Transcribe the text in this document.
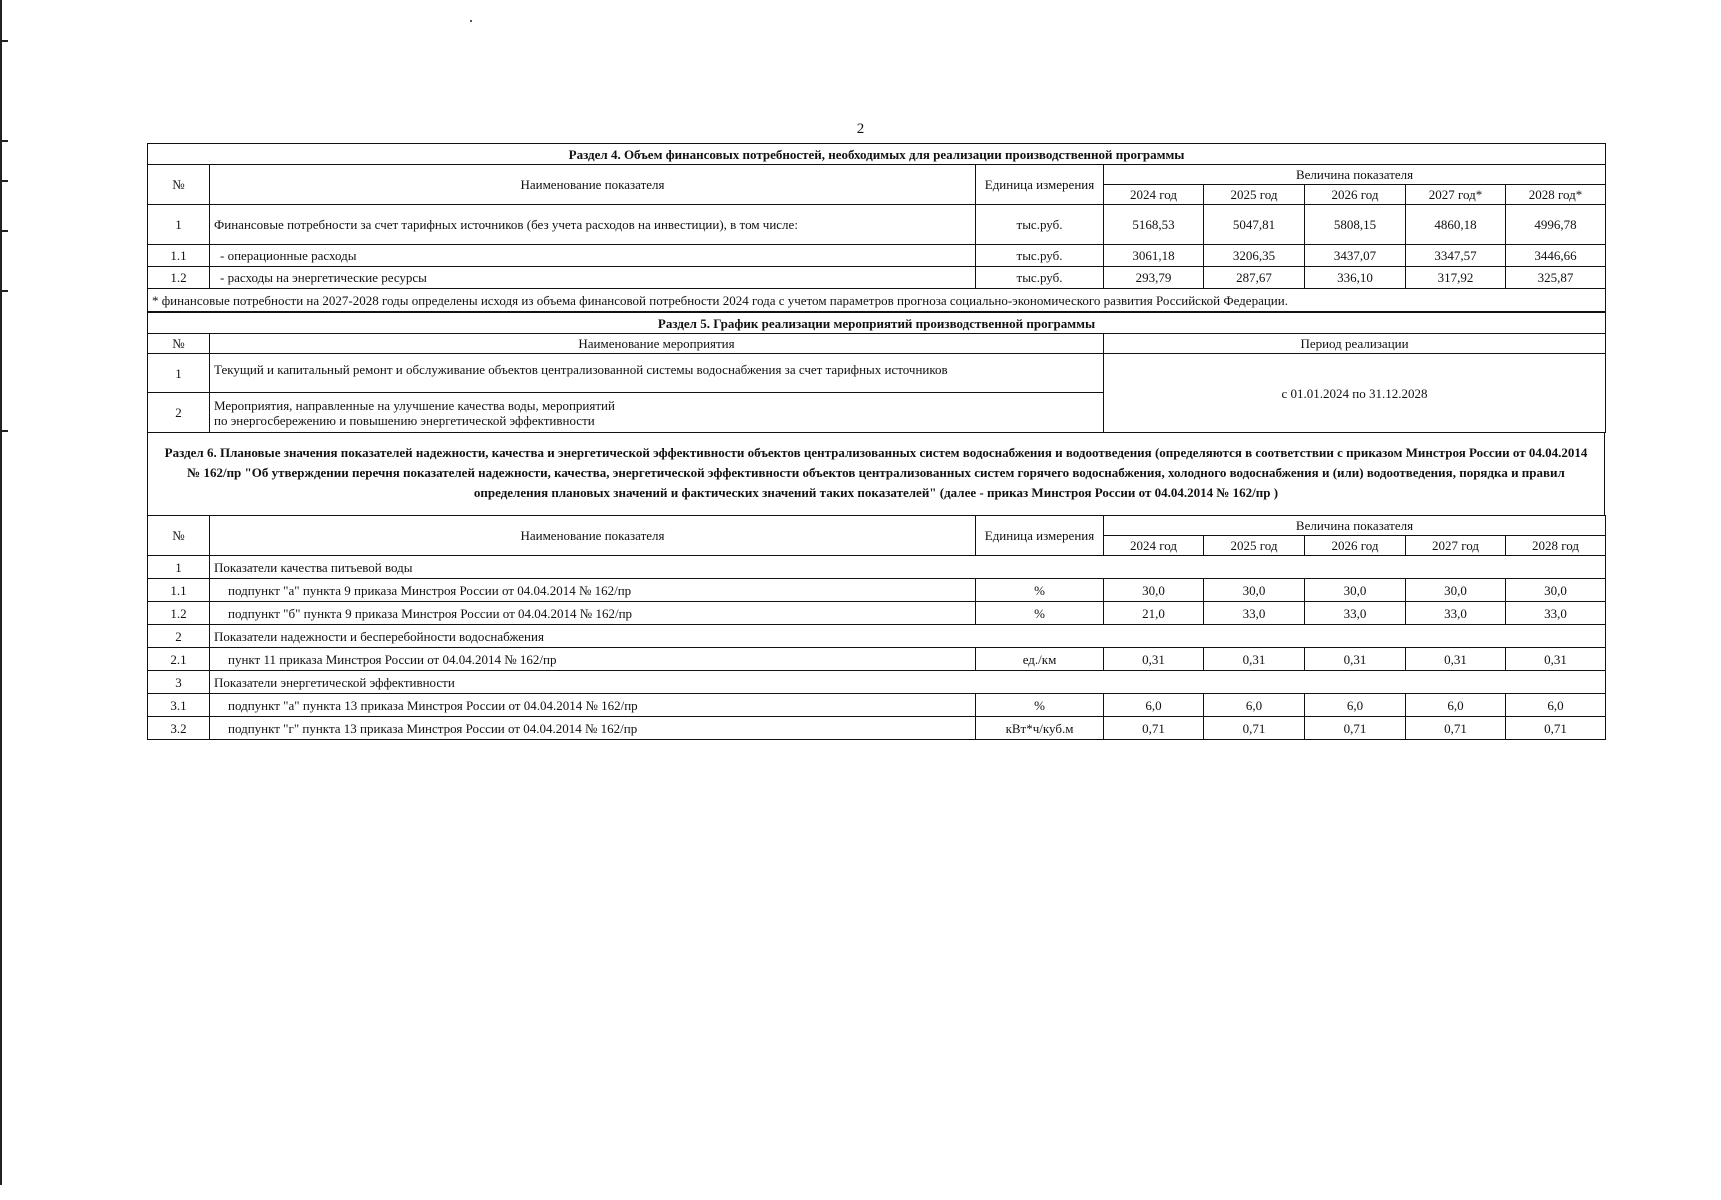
2
Раздел 4. Объем финансовых потребностей, необходимых для реализации производственной программы							
№	Наименование показателя	Единица измерения	Величина показателя				
			2024 год	2025 год	2026 год	2027 год*	2028 год*
1	Финансовые потребности за счет тарифных источников (без учета расходов на инвестиции), в том числе:	тыс.руб.	5168,53	5047,81	5808,15	4860,18	4996,78
1.1	- операционные расходы	тыс.руб.	3061,18	3206,35	3437,07	3347,57	3446,66
1.2	- расходы на энергетические ресурсы	тыс.руб.	293,79	287,67	336,10	317,92	325,87
* финансовые потребности на 2027-2028 годы определены исходя из объема финансовой потребности 2024 года с учетом параметров прогноза социально-экономического развития Российской Федерации.							
Раздел 5. График реализации мероприятий производственной программы		
№	Наименование мероприятия	Период реализации
1	Текущий и капитальный ремонт и обслуживание объектов централизованной системы водоснабжения за счет тарифных источников	с 01.01.2024 по 31.12.2028
2	Мероприятия, направленные на улучшение качества воды, мероприятий
по энергосбережению и повышению энергетической эффективности	
Раздел 6. Плановые значения показателей надежности, качества и энергетической эффективности объектов централизованных систем водоснабжения и водоотведения (определяются в соответствии с приказом Минстроя России от 04.04.2014 № 162/пр "Об утверждении перечня показателей надежности, качества, энергетической эффективности объектов централизованных систем горячего водоснабжения, холодного водоснабжения и (или) водоотведения, порядка и правил определения плановых значений и фактических значений таких показателей" (далее - приказ Минстроя России от 04.04.2014 № 162/пр )
№	Наименование показателя	Единица измерения	Величина показателя				
			2024 год	2025 год	2026 год	2027 год	2028 год
1	Показатели качества питьевой воды						
1.1	подпункт "а" пункта 9 приказа Минстроя России от 04.04.2014 № 162/пр	%	30,0	30,0	30,0	30,0	30,0
1.2	подпункт "б" пункта 9 приказа Минстроя России от 04.04.2014 № 162/пр	%	21,0	33,0	33,0	33,0	33,0
2	Показатели надежности и бесперебойности водоснабжения						
2.1	пункт 11 приказа Минстроя России от 04.04.2014 № 162/пр	ед./км	0,31	0,31	0,31	0,31	0,31
3	Показатели энергетической эффективности						
3.1	подпункт "а" пункта 13 приказа Минстроя России от 04.04.2014 № 162/пр	%	6,0	6,0	6,0	6,0	6,0
3.2	подпункт "г" пункта 13 приказа Минстроя России от 04.04.2014 № 162/пр	кВт*ч/куб.м	0,71	0,71	0,71	0,71	0,71
